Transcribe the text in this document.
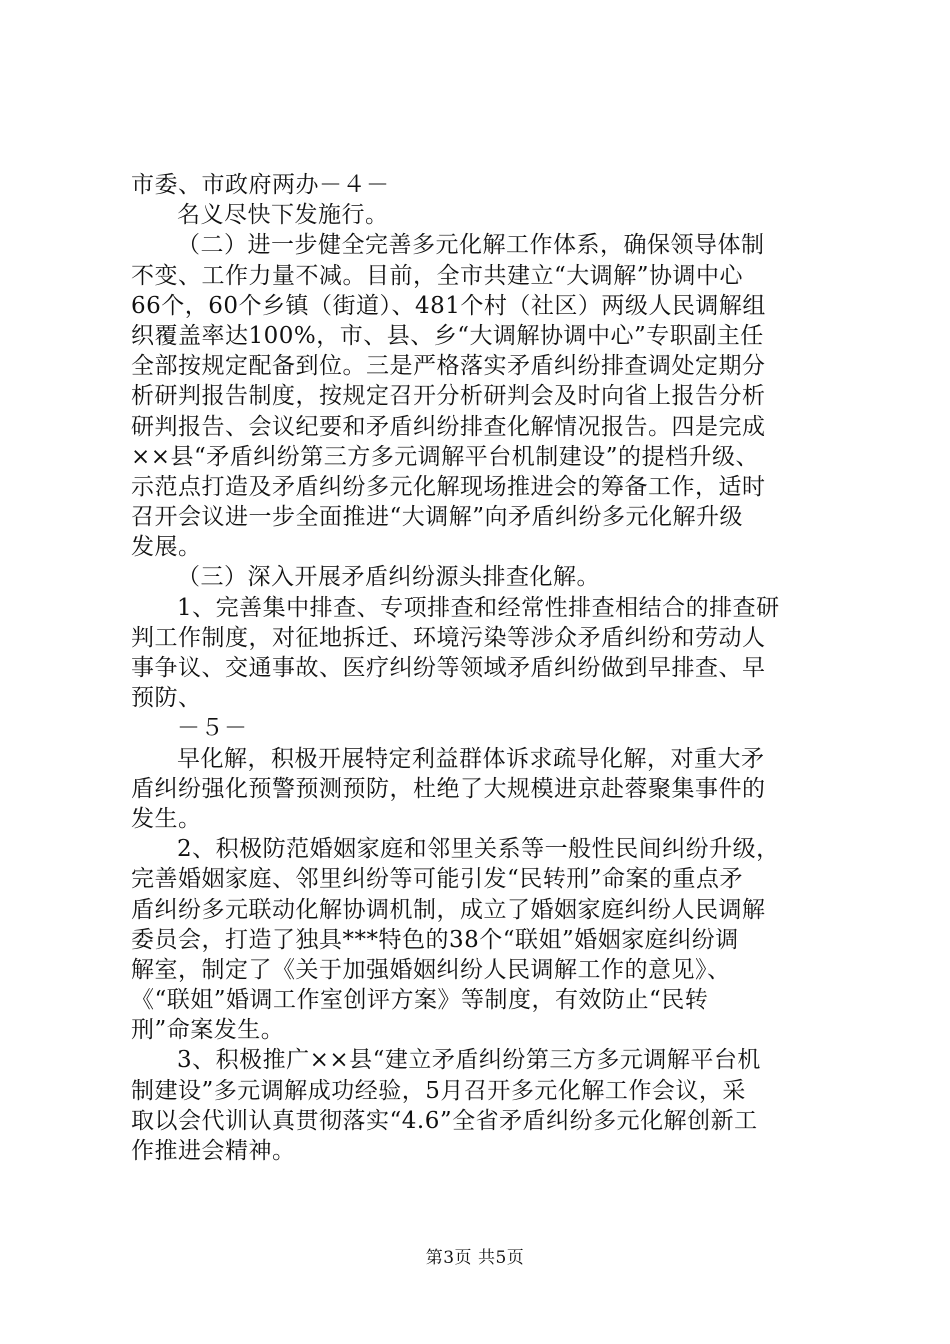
市委、市政府两办－４－
名义尽快下发施行。
（二）进一步健全完善多元化解工作体系，确保领导体制
不变、工作力量不减。目前，全市共建立“大调解”协调中心
66个，60个乡镇（街道）、481个村（社区）两级人民调解组
织覆盖率达100%，市、县、乡“大调解协调中心”专职副主任
全部按规定配备到位。三是严格落实矛盾纠纷排查调处定期分
析研判报告制度，按规定召开分析研判会及时向省上报告分析
研判报告、会议纪要和矛盾纠纷排查化解情况报告。四是完成
××县“矛盾纠纷第三方多元调解平台机制建设”的提档升级、
示范点打造及矛盾纠纷多元化解现场推进会的筹备工作，适时
召开会议进一步全面推进“大调解”向矛盾纠纷多元化解升级
发展。
（三）深入开展矛盾纠纷源头排查化解。
1、完善集中排查、专项排查和经常性排查相结合的排查研
判工作制度，对征地拆迁、环境污染等涉众矛盾纠纷和劳动人
事争议、交通事故、医疗纠纷等领域矛盾纠纷做到早排查、早
预防、
－５－
早化解，积极开展特定利益群体诉求疏导化解，对重大矛
盾纠纷强化预警预测预防，杜绝了大规模进京赴蓉聚集事件的
发生。
2、积极防范婚姻家庭和邻里关系等一般性民间纠纷升级，
完善婚姻家庭、邻里纠纷等可能引发“民转刑”命案的重点矛
盾纠纷多元联动化解协调机制，成立了婚姻家庭纠纷人民调解
委员会，打造了独具***特色的38个“联姐”婚姻家庭纠纷调
解室，制定了《关于加强婚姻纠纷人民调解工作的意见》、
《“联姐”婚调工作室创评方案》等制度，有效防止“民转
刑”命案发生。
3、积极推广××县“建立矛盾纠纷第三方多元调解平台机
制建设”多元调解成功经验，5月召开多元化解工作会议，采
取以会代训认真贯彻落实“4.6”全省矛盾纠纷多元化解创新工
作推进会精神。
第3页 共5页
